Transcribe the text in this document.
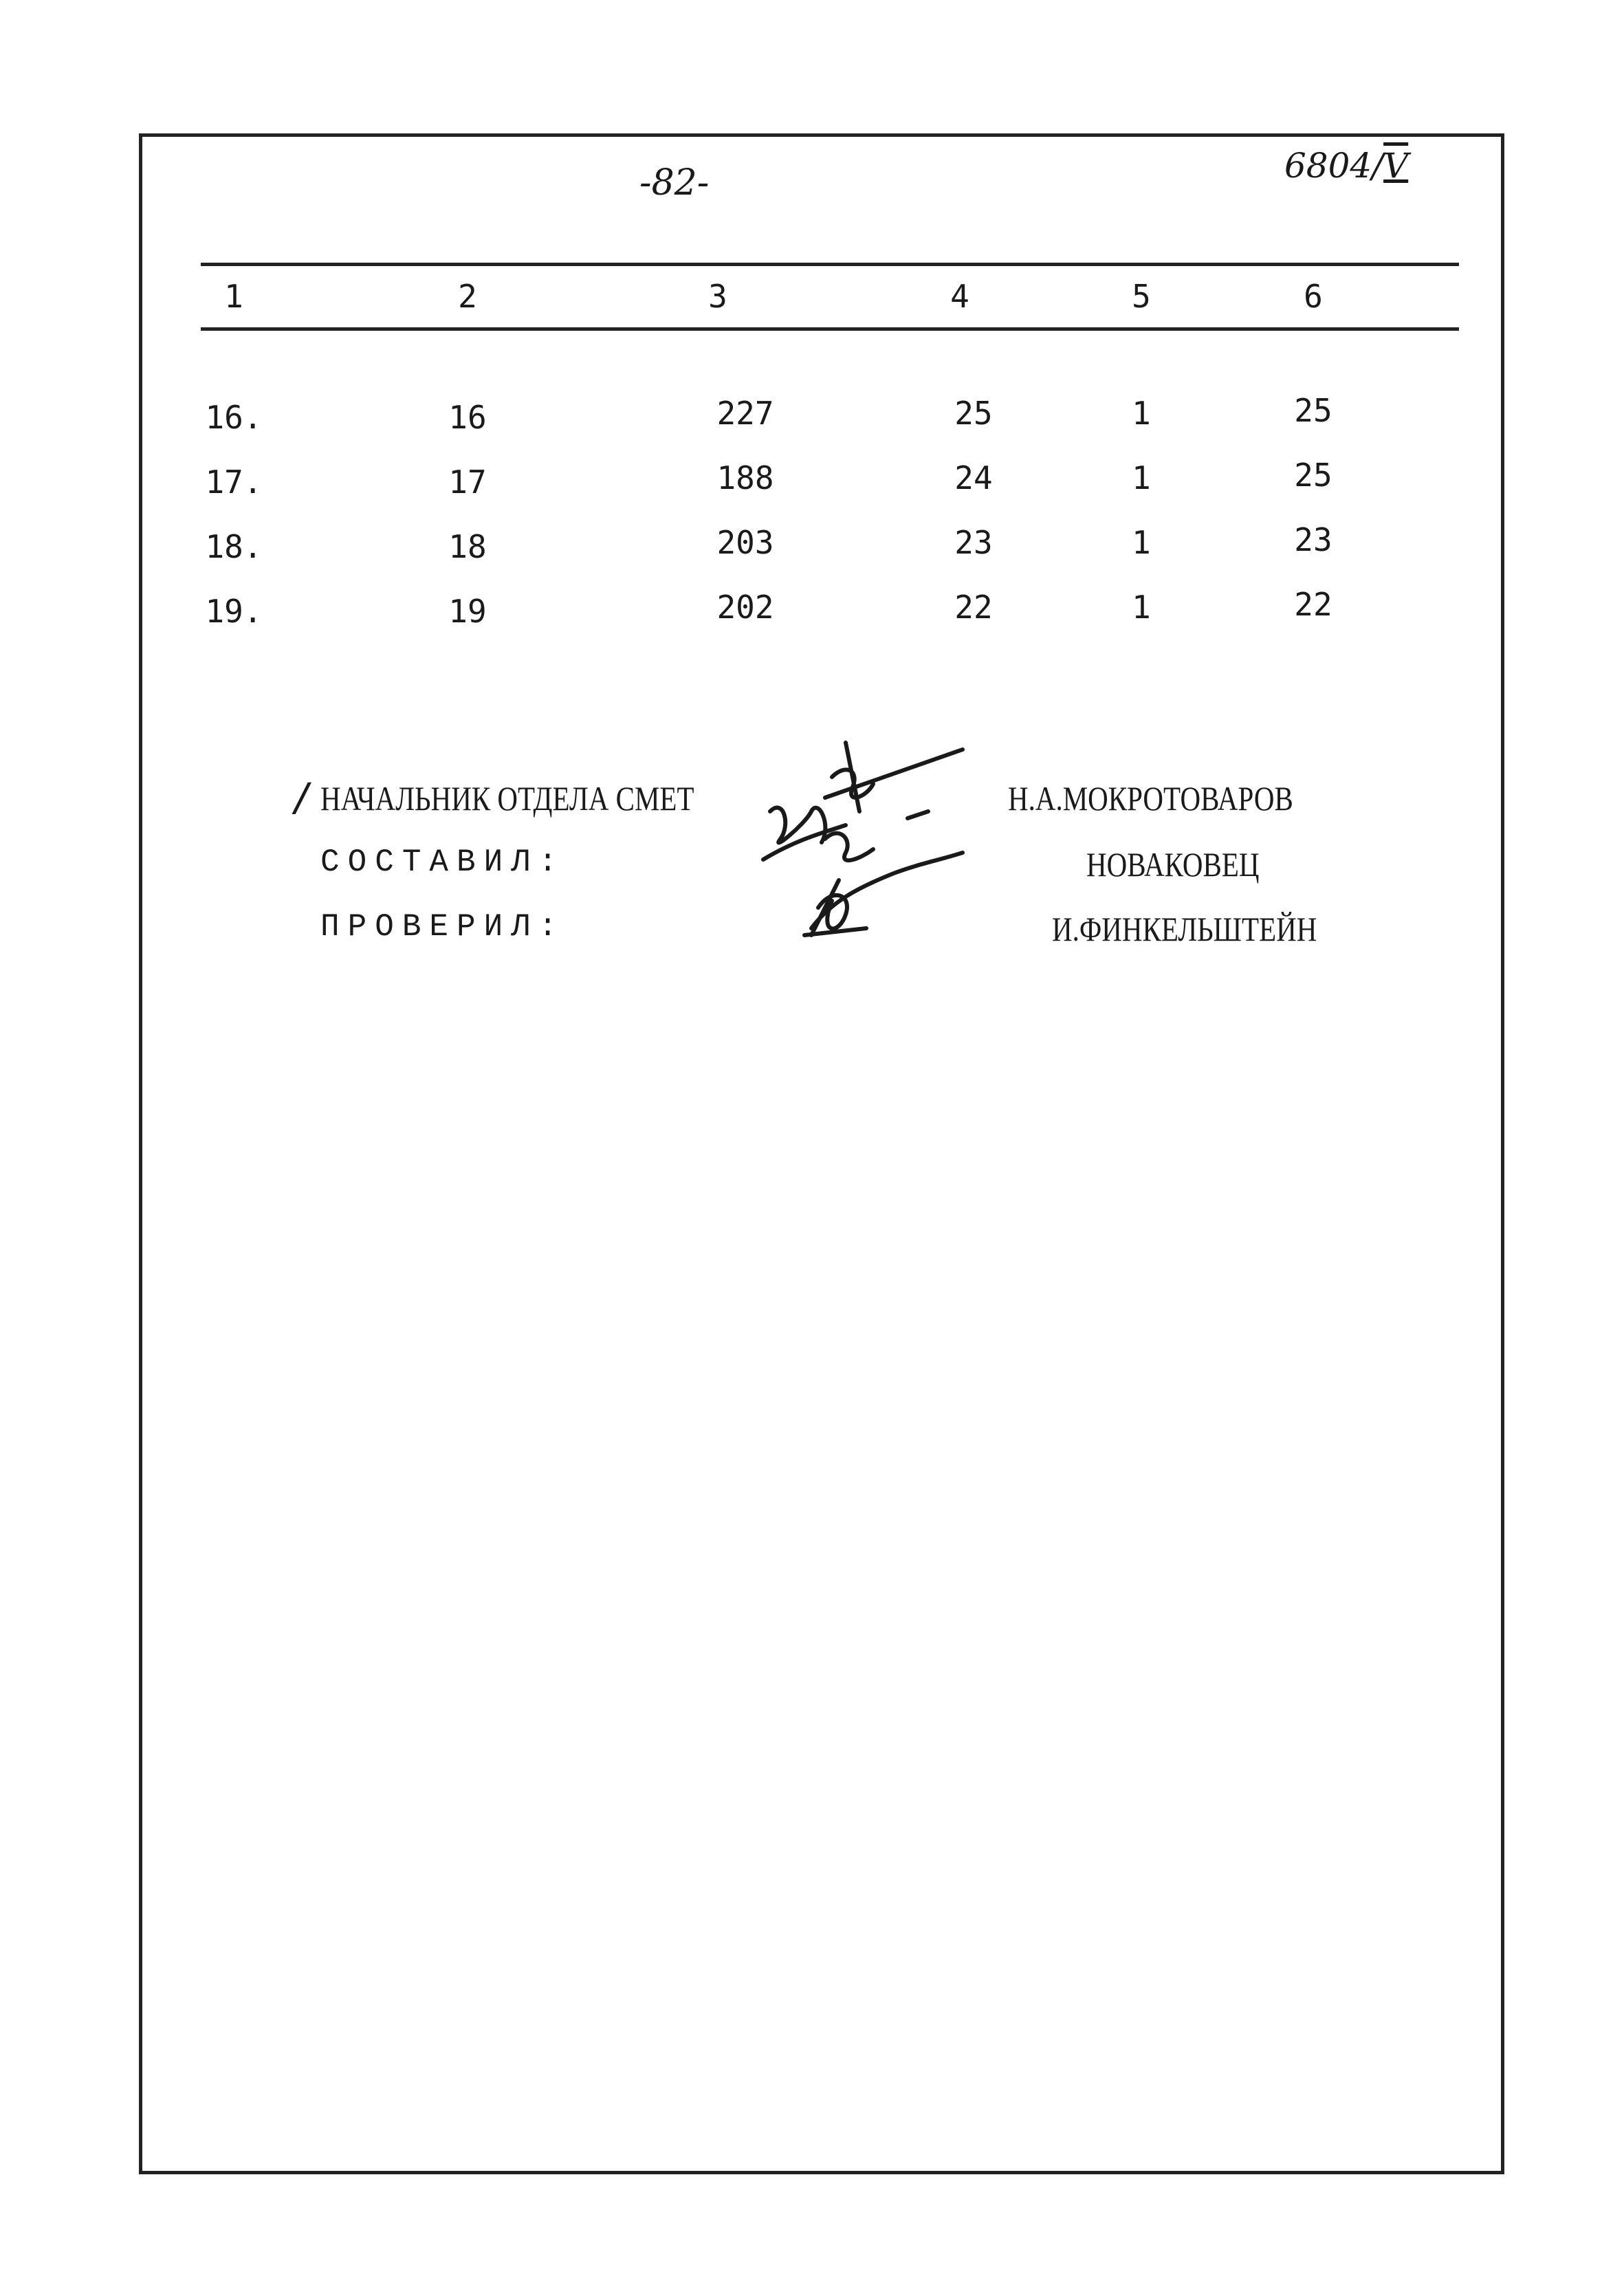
-82-	6804/V
1	2	3	4	5	6
16.	16	227	25	1	25
17.	17	188	24	1	25
18.	18	203	23	1	23
19.	19	202	22	1	22
/ НАЧАЛЬНИК ОТДЕЛА СМЕТ	Н.А.МОКРОТОВАРОВ
СОСТАВИЛ:	НОВАКОВЕЦ
ПРОВЕРИЛ:	И.ФИНКЕЛЬШТЕЙН
